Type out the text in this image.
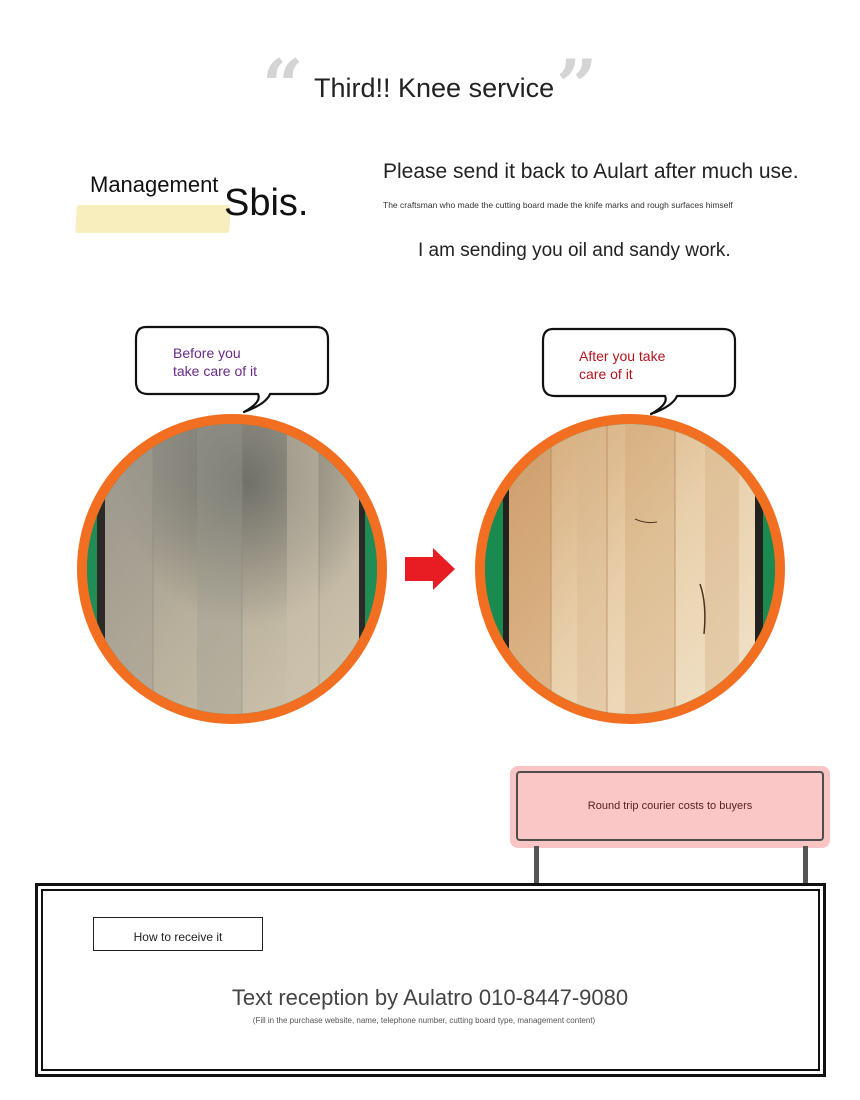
“ Third!! Knee service ”
Management Sbis.
Please send it back to Aulart after much use.
The craftsman who made the cutting board made the knife marks and rough surfaces himself
I am sending you oil and sandy work.
Before you
take care of it
After you take
care of it
Round trip courier costs to buyers
How to receive it
Text reception by Aulatro 010-8447-9080
(Fill in the purchase website, name, telephone number, cutting board type, management content)
